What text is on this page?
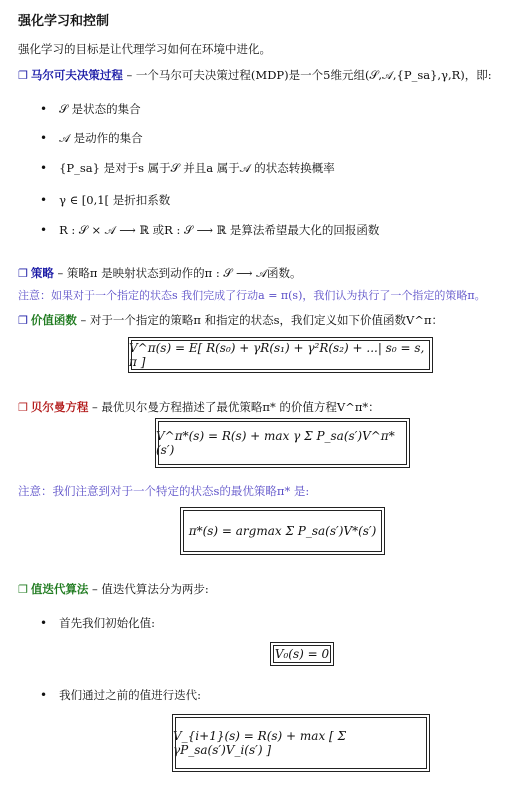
强化学习和控制
强化学习的目标是让代理学习如何在环境中进化。
❐ 马尔可夫决策过程 – 一个马尔可夫决策过程(MDP)是一个5维元组(𝒮,𝒜,{P_sa},γ,R)，即:
• 𝒮 是状态的集合
• 𝒜 是动作的集合
• {P_sa} 是对于s 属于𝒮 并且a 属于𝒜 的状态转换概率
• γ ∈ [0,1[ 是折扣系数
• R : 𝒮 × 𝒜 ⟶ ℝ 或R : 𝒮 ⟶ ℝ 是算法希望最大化的回报函数
❐ 策略 – 策略π 是映射状态到动作的π : 𝒮 ⟶ 𝒜函数。
注意：如果对于一个指定的状态s 我们完成了行动a = π(s)，我们认为执行了一个指定的策略π。
❐ 价值函数 – 对于一个指定的策略π 和指定的状态s，我们定义如下价值函数V^π：
V^π(s) = E[ R(s₀) + γR(s₁) + γ²R(s₂) + ...| s₀ = s, π ]
❐ 贝尔曼方程 – 最优贝尔曼方程描述了最优策略π* 的价值方程V^π*：
V^π*(s) = R(s) + max γ Σ P_sa(s′)V^π*(s′)
注意：我们注意到对于一个特定的状态s的最优策略π* 是:
π*(s) = argmax Σ P_sa(s′)V*(s′)
❐ 值迭代算法 – 值迭代算法分为两步:
• 首先我们初始化值:
V₀(s) = 0
• 我们通过之前的值进行迭代:
V_{i+1}(s) = R(s) + max [ Σ γP_sa(s′)V_i(s′) ]
